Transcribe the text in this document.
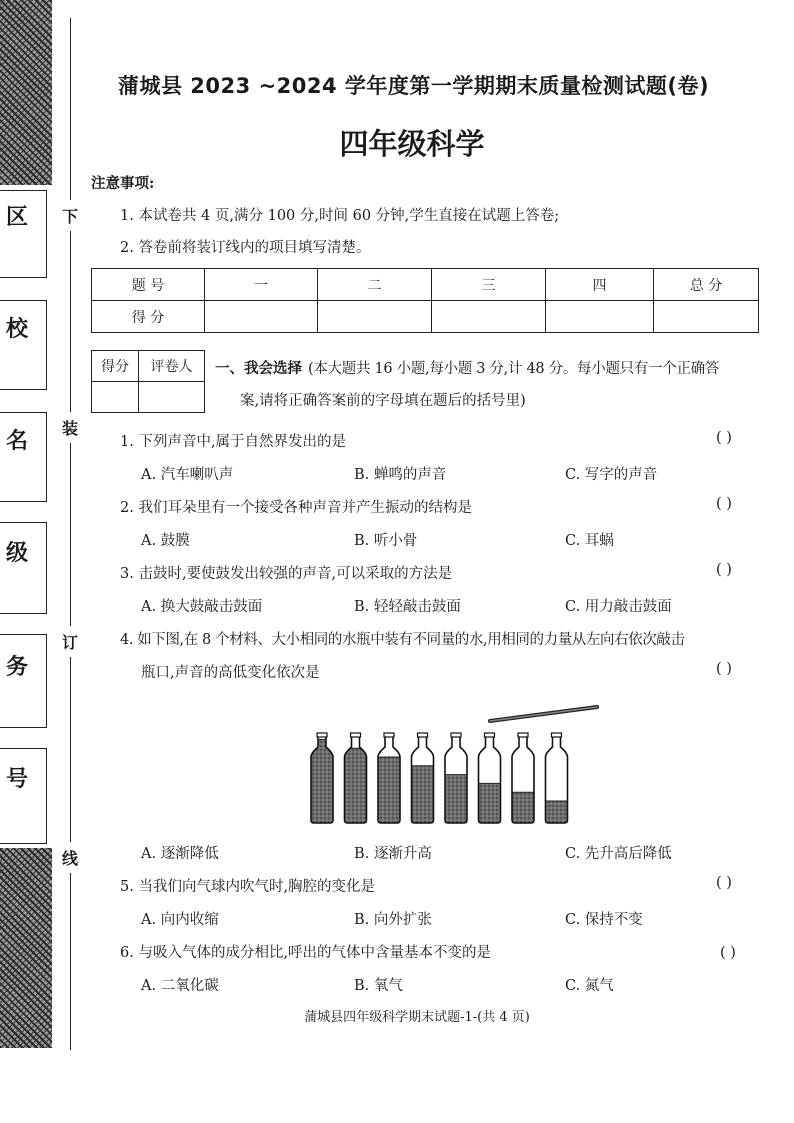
区
校
名
级
务
号
下
装
订
线
蒲城县 2023 ~2024 学年度第一学期期末质量检测试题(卷)
四年级科学
注意事项:
1. 本试卷共 4 页,满分 100 分,时间 60 分钟,学生直接在试题上答卷;
2. 答卷前将装订线内的项目填写清楚。
题 号	一	二	三	四	总 分
得 分					
得分	评卷人
	一、我会选择 (本大题共 16 小题,每小题 3 分,计 48 分。每小题只有一个正确答
案,请将正确答案前的字母填在题后的括号里)
1. 下列声音中,属于自然界发出的是	( )
A. 汽车喇叭声	B. 蝉鸣的声音	C. 写字的声音
2. 我们耳朵里有一个接受各种声音并产生振动的结构是	( )
A. 鼓膜	B. 听小骨	C. 耳蜗
3. 击鼓时,要使鼓发出较强的声音,可以采取的方法是	( )
A. 换大鼓敲击鼓面	B. 轻轻敲击鼓面	C. 用力敲击鼓面
4. 如下图,在 8 个材料、大小相同的水瓶中装有不同量的水,用相同的力量从左向右依次敲击
瓶口,声音的高低变化依次是	( )
A. 逐渐降低	B. 逐渐升高	C. 先升高后降低
5. 当我们向气球内吹气时,胸腔的变化是	( )
A. 向内收缩	B. 向外扩张	C. 保持不变
6. 与吸入气体的成分相比,呼出的气体中含量基本不变的是	( )
A. 二氧化碳	B. 氧气	C. 氮气
蒲城县四年级科学期末试题-1-(共 4 页)
